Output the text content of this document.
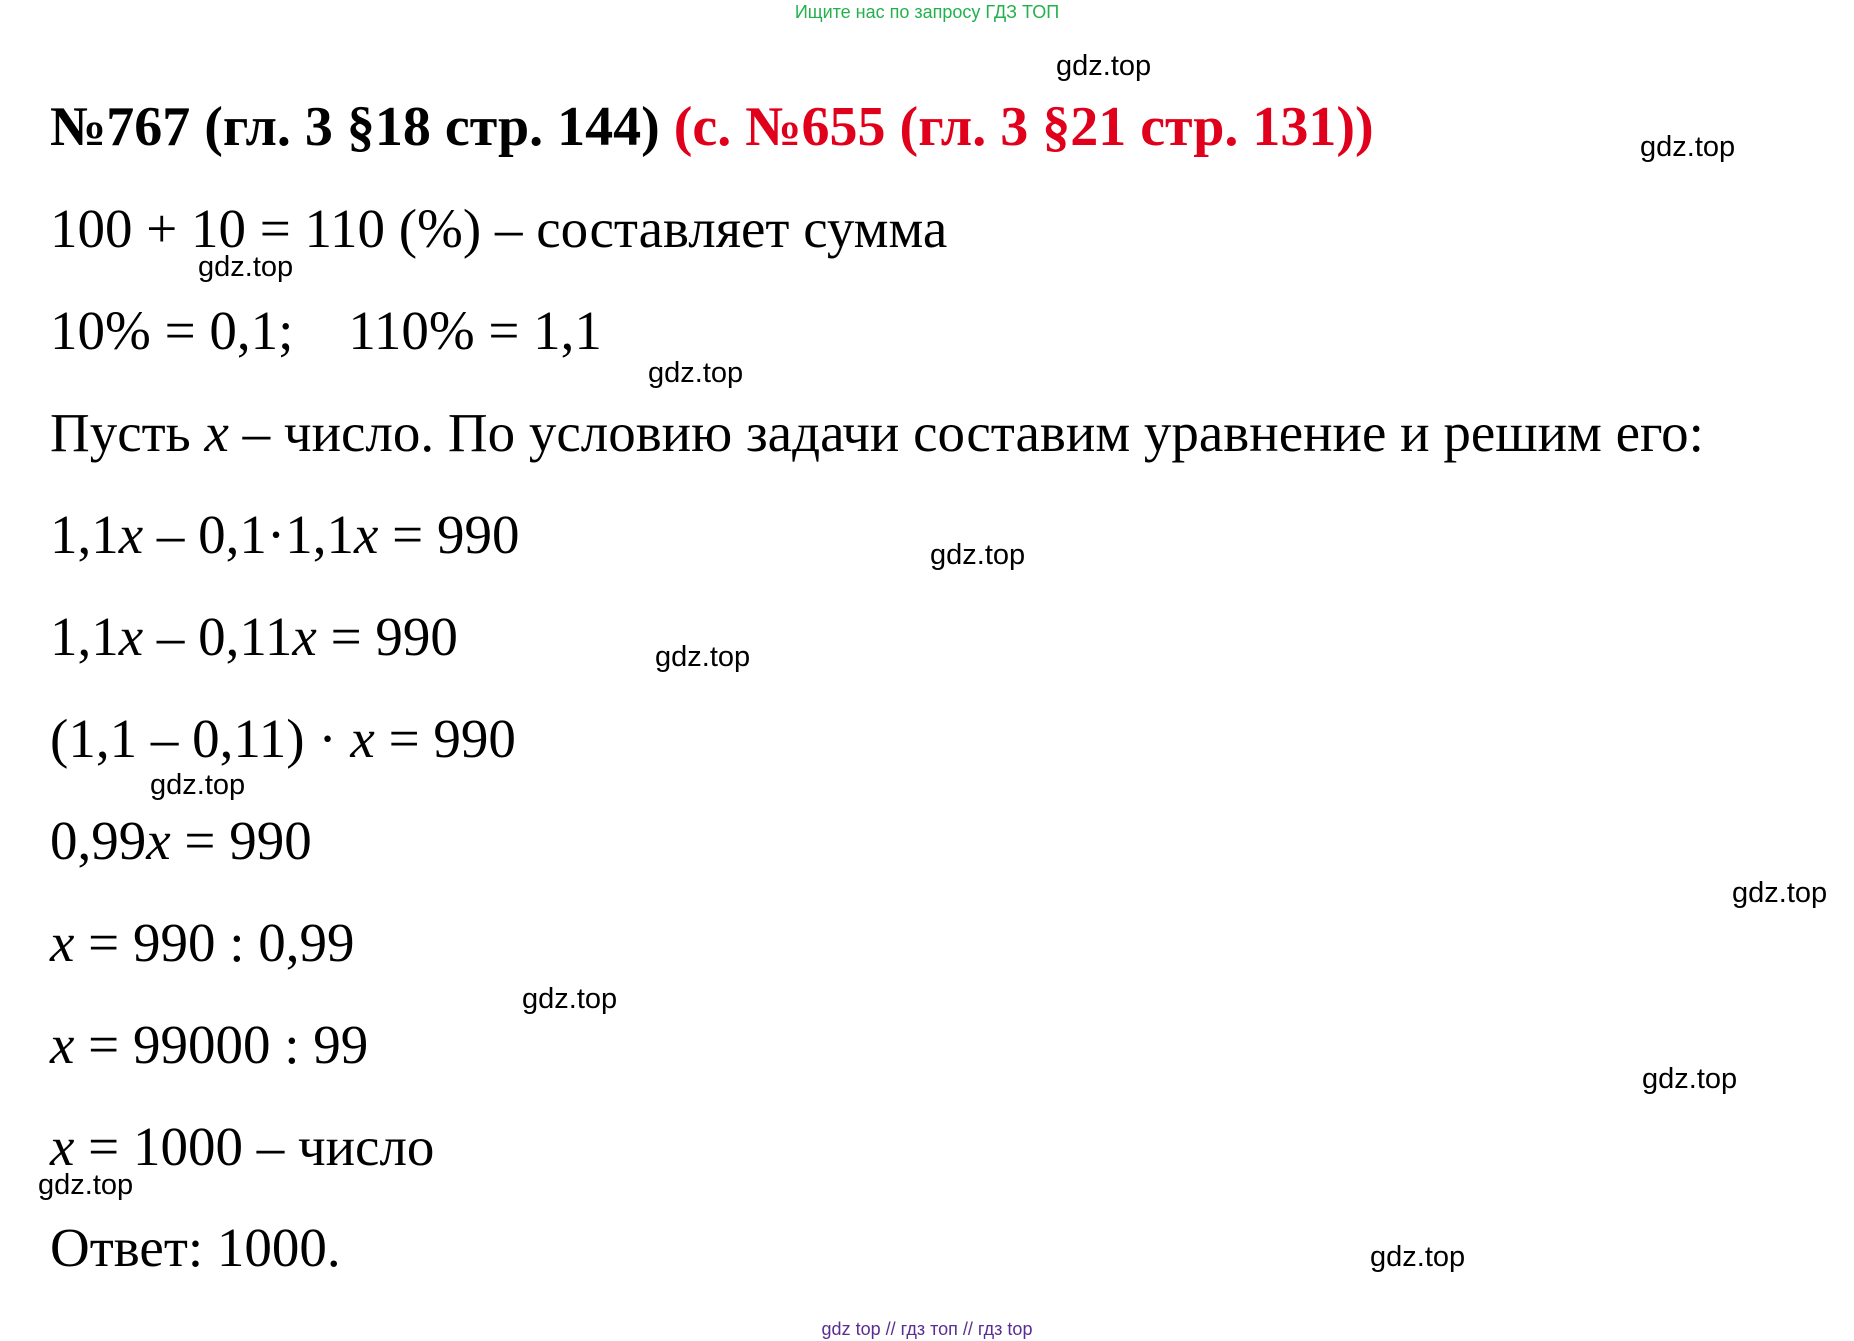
Ищите нас по запросу ГДЗ ТОП
№767 (гл. 3 §18 стр. 144) (с. №655 (гл. 3 §21 стр. 131))
100 + 10 = 110 (%) – составляет сумма
10% = 0,1;    110% = 1,1
Пусть x – число. По условию задачи составим уравнение и решим его:
1,1x – 0,1·1,1x = 990
1,1x – 0,11x = 990
(1,1 – 0,11) · x = 990
0,99x = 990
x = 990 : 0,99
x = 99000 : 99
x = 1000 – число
Ответ: 1000.
gdz.top
gdz.top
gdz.top
gdz.top
gdz.top
gdz.top
gdz.top
gdz.top
gdz.top
gdz.top
gdz.top
gdz.top
gdz top // гдз топ // гдз top
